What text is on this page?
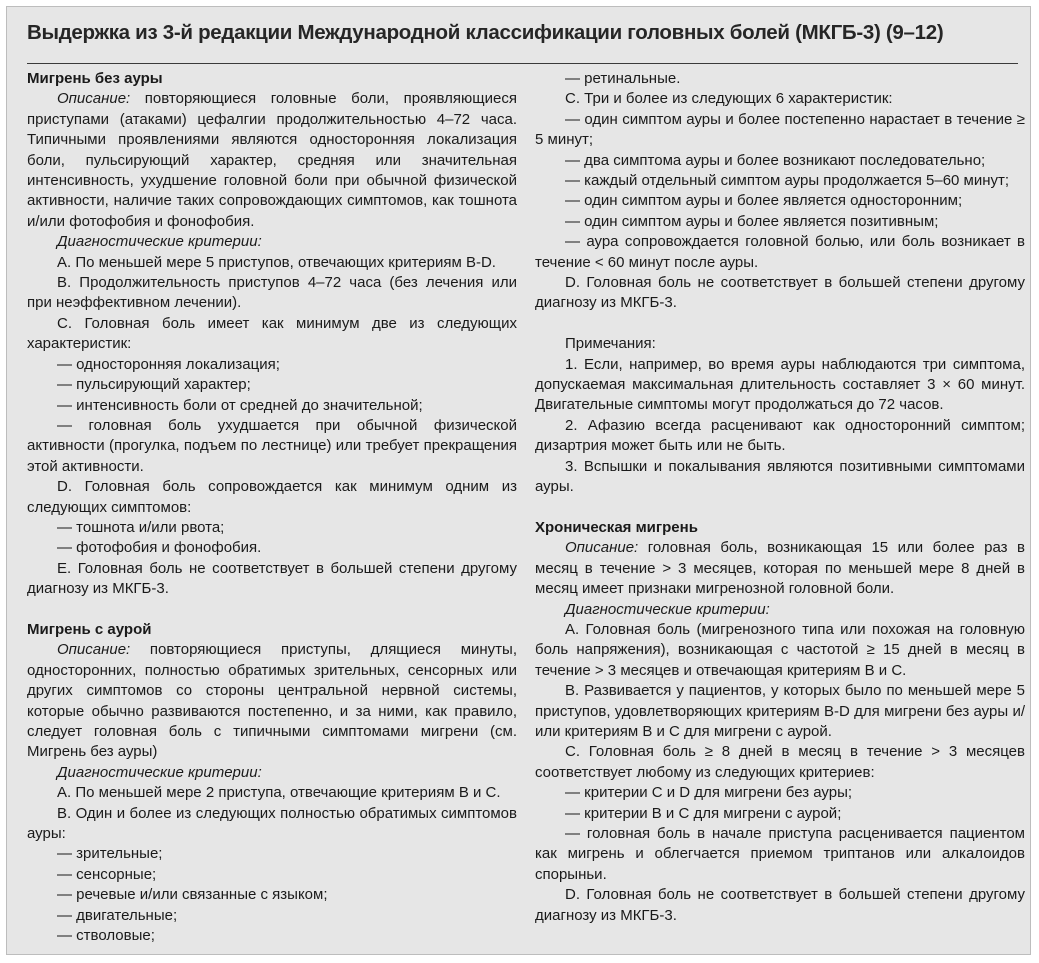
Выдержка из 3-й редакции Международной классификации головных болей (МКГБ-3) (9–12)

Мигрень без ауры

Описание: повторяющиеся головные боли, проявляющиеся приступами (атаками) цефалгии продолжительностью 4–72 часа. Типичными проявлениями являются односторонняя локализация боли, пульсирующий характер, средняя или значительная интенсивность, ухудшение головной боли при обычной физической активности, наличие таких сопровождающих симптомов, как тошнота и/или фотофобия и фонофобия.

Диагностические критерии:

А. По меньшей мере 5 приступов, отвечающих критериям B-D.

B. Продолжительность приступов 4–72 часа (без лечения или при неэффективном лечении).

C. Головная боль имеет как минимум две из следующих характеристик:

— односторонняя локализация;

— пульсирующий характер;

— интенсивность боли от средней до значительной;

— головная боль ухудшается при обычной физической активности (прогулка, подъем по лестнице) или требует прекращения этой активности.

D. Головная боль сопровождается как минимум одним из следующих симптомов:

— тошнота и/или рвота;

— фотофобия и фонофобия.

E. Головная боль не соответствует в большей степени другому диагнозу из МКГБ-3.

Мигрень с аурой

Описание: повторяющиеся приступы, длящиеся минуты, односторонних, полностью обратимых зрительных, сенсорных или других симптомов со стороны центральной нервной системы, которые обычно развиваются постепенно, и за ними, как правило, следует головная боль с типичными симптомами мигрени (см. Мигрень без ауры)

Диагностические критерии:

А. По меньшей мере 2 приступа, отвечающие критериям B и C.

B. Один и более из следующих полностью обратимых симптомов ауры:

— зрительные;

— сенсорные;

— речевые и/или связанные с языком;

— двигательные;

— стволовые;

— ретинальные.

C. Три и более из следующих 6 характеристик:

— один симптом ауры и более постепенно нарастает в течение ≥ 5 минут;

— два симптома ауры и более возникают последовательно;

— каждый отдельный симптом ауры продолжается 5–60 минут;

— один симптом ауры и более является односторонним;

— один симптом ауры и более является позитивным;

— аура сопровождается головной болью, или боль возникает в течение < 60 минут после ауры.

D. Головная боль не соответствует в большей степени другому диагнозу из МКГБ-3.

Примечания:

1. Если, например, во время ауры наблюдаются три симптома, допускаемая максимальная длительность составляет 3 × 60 минут. Двигательные симптомы могут продолжаться до 72 часов.

2. Афазию всегда расценивают как односторонний симптом; дизартрия может быть или не быть.

3. Вспышки и покалывания являются позитивными симптомами ауры.

Хроническая мигрень

Описание: головная боль, возникающая 15 или более раз в месяц в течение > 3 месяцев, которая по меньшей мере 8 дней в месяц имеет признаки мигренозной головной боли.

Диагностические критерии:

А. Головная боль (мигренозного типа или похожая на головную боль напряжения), возникающая с частотой ≥ 15 дней в месяц в течение > 3 месяцев и отвечающая критериям B и C.

B. Развивается у пациентов, у которых было по меньшей мере 5 приступов, удовлетворяющих критериям B-D для мигрени без ауры и/или критериям B и C для мигрени с аурой.

C. Головная боль ≥ 8 дней в месяц в течение > 3 месяцев соответствует любому из следующих критериев:

— критерии C и D для мигрени без ауры;

— критерии B и C для мигрени с аурой;

— головная боль в начале приступа расценивается пациентом как мигрень и облегчается приемом триптанов или алкалоидов спорыньи.

D. Головная боль не соответствует в большей степени другому диагнозу из МКГБ-3.
